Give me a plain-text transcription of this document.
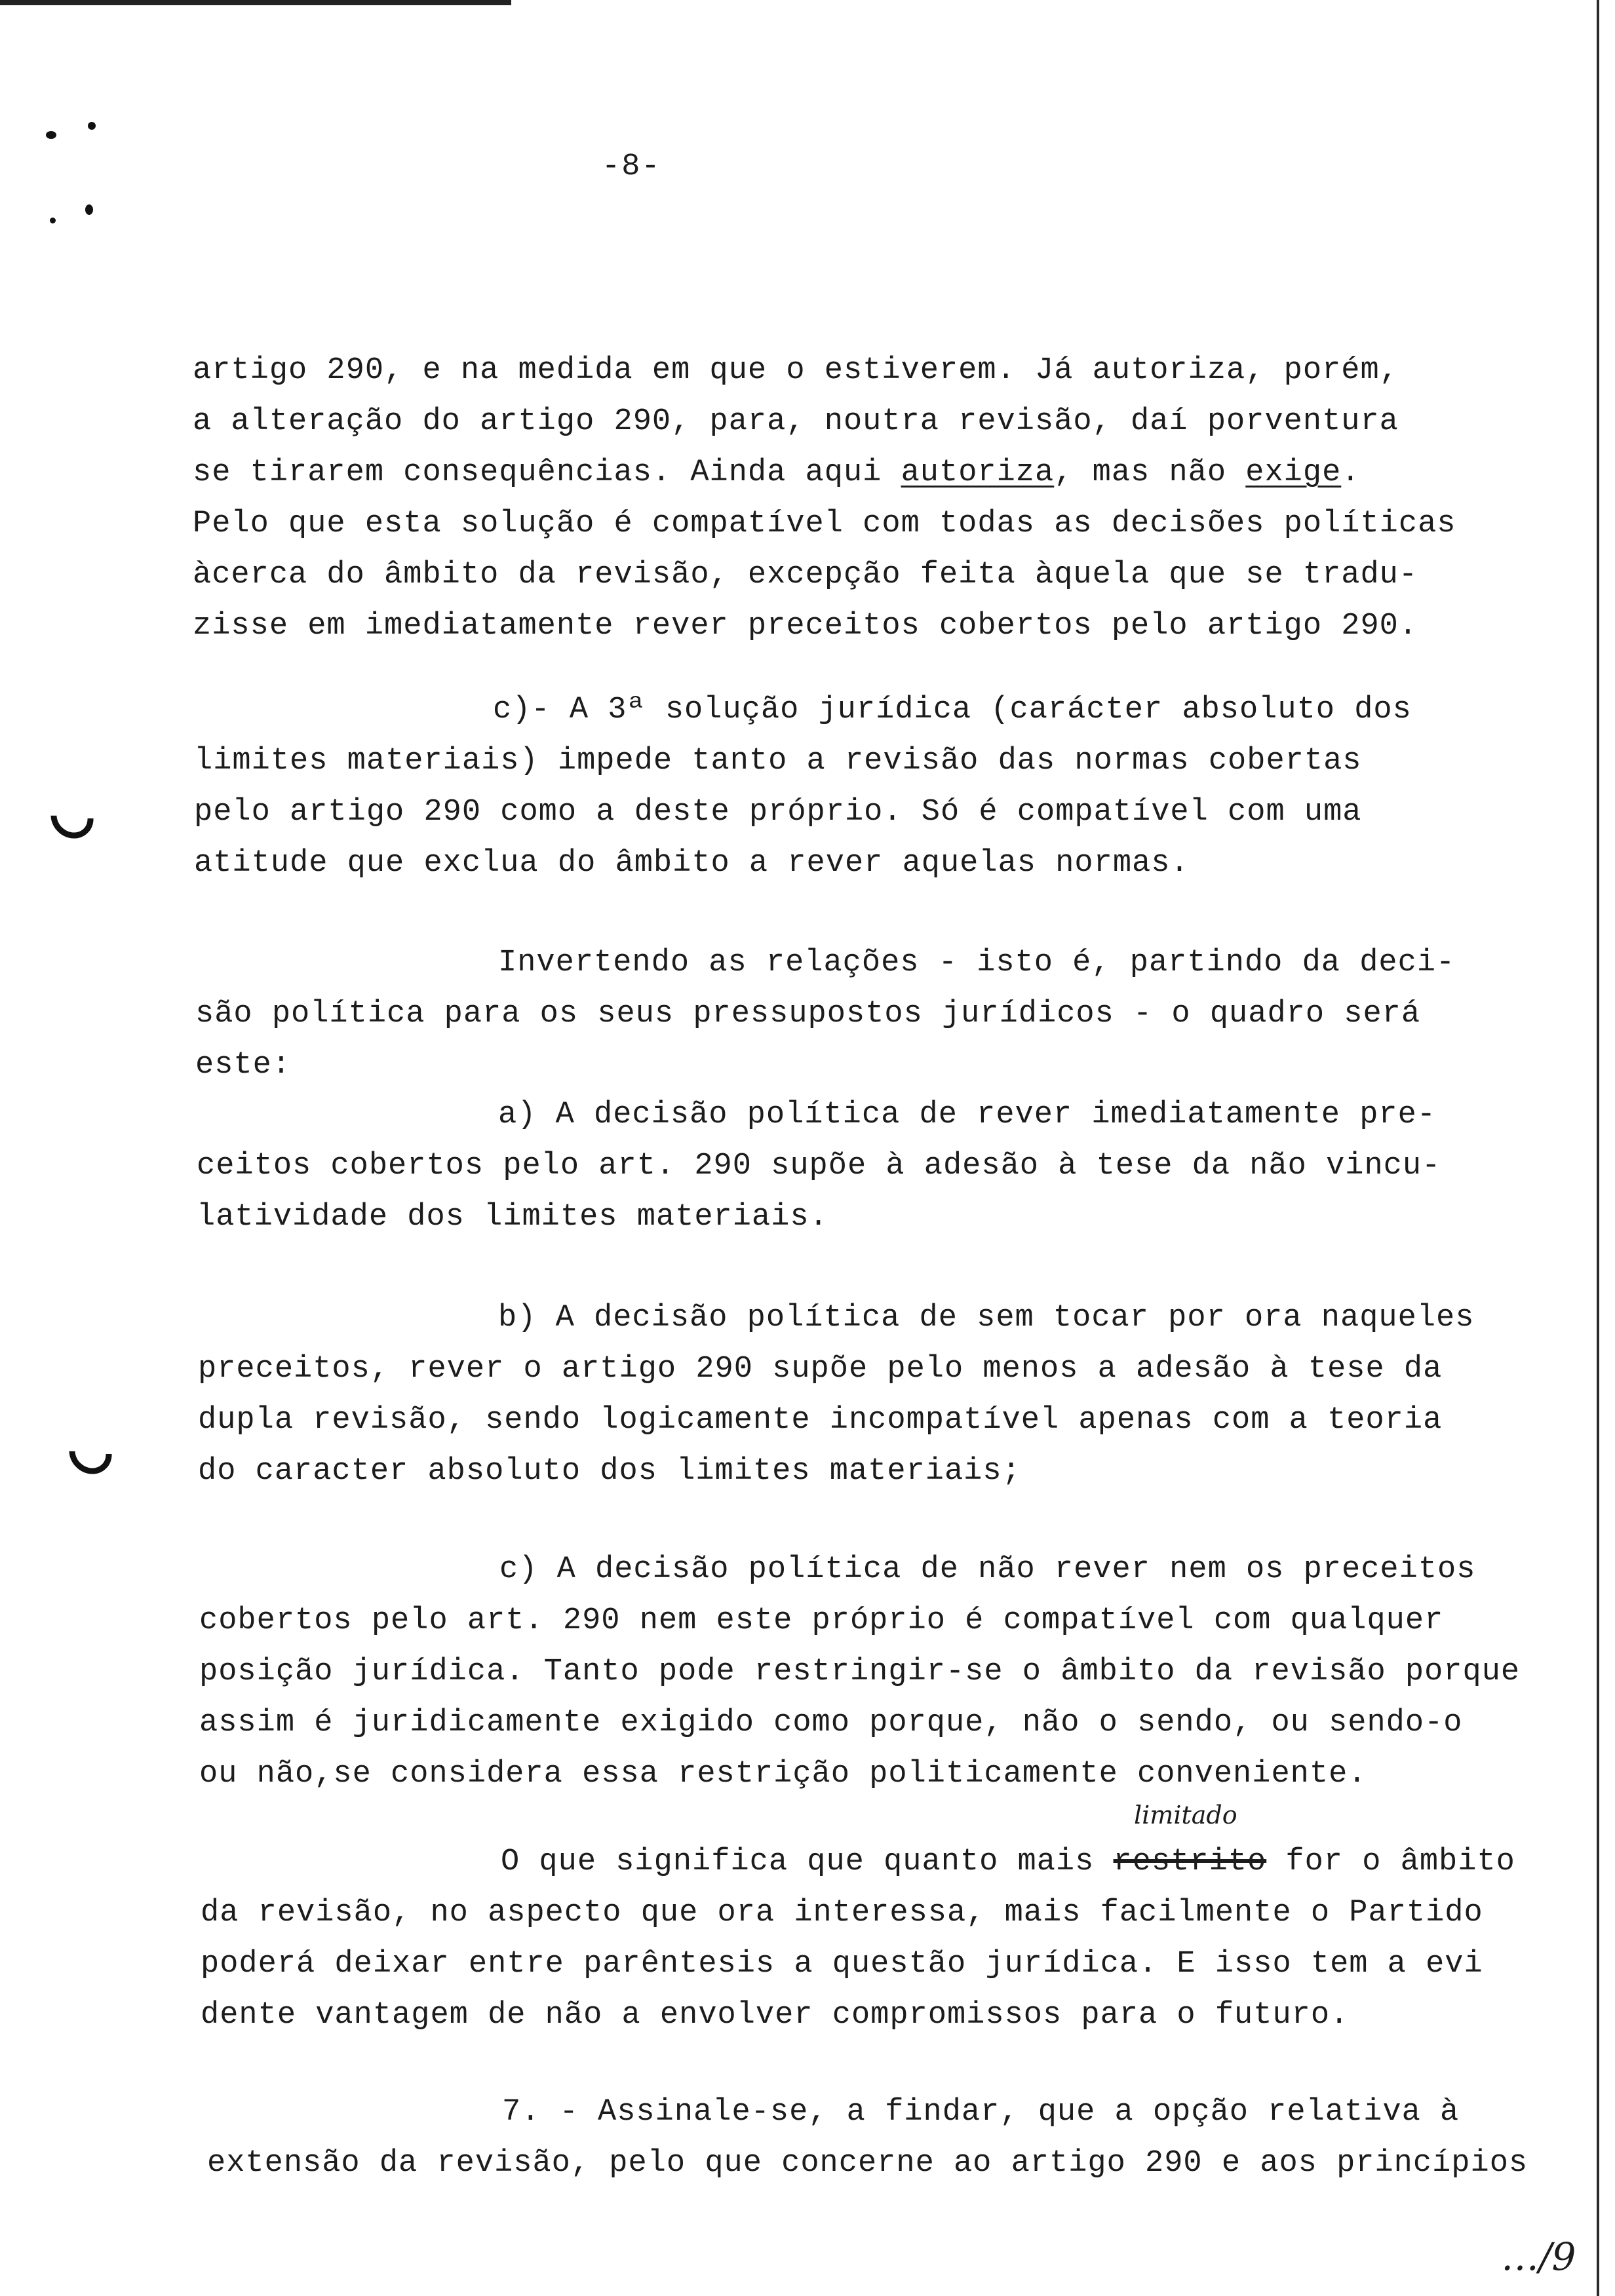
-8-
artigo 290, e na medida em que o estiverem. Já autoriza, porém,
a alteração do artigo 290, para, noutra revisão, daí porventura
se tirarem consequências. Ainda aqui autoriza, mas não exige.
Pelo que esta solução é compatível com todas as decisões políticas
àcerca do âmbito da revisão, excepção feita àquela que se tradu-
zisse em imediatamente rever preceitos cobertos pelo artigo 290.
c)- A 3ª solução jurídica (carácter absoluto dos
limites materiais) impede tanto a revisão das normas cobertas
pelo artigo 290 como a deste próprio. Só é compatível com uma
atitude que exclua do âmbito a rever aquelas normas.
Invertendo as relações - isto é, partindo da deci-
são política para os seus pressupostos jurídicos - o quadro será
este:
a) A decisão política de rever imediatamente pre-
ceitos cobertos pelo art. 290 supõe à adesão à tese da não vincu-
latividade dos limites materiais.
b) A decisão política de sem tocar por ora naqueles
preceitos, rever o artigo 290 supõe pelo menos a adesão à tese da
dupla revisão, sendo logicamente incompatível apenas com a teoria
do caracter absoluto dos limites materiais;
c) A decisão política de não rever nem os preceitos
cobertos pelo art. 290 nem este próprio é compatível com qualquer
posição jurídica. Tanto pode restringir-se o âmbito da revisão porque
assim é juridicamente exigido como porque, não o sendo, ou sendo-o
ou não,se considera essa restrição politicamente conveniente.
limitado
O que significa que quanto mais restrito for o âmbito
da revisão, no aspecto que ora interessa, mais facilmente o Partido
poderá deixar entre parêntesis a questão jurídica. E isso tem a evi
dente vantagem de não a envolver compromissos para o futuro.
7. - Assinale-se, a findar, que a opção relativa à
extensão da revisão, pelo que concerne ao artigo 290 e aos princípios
…/9
